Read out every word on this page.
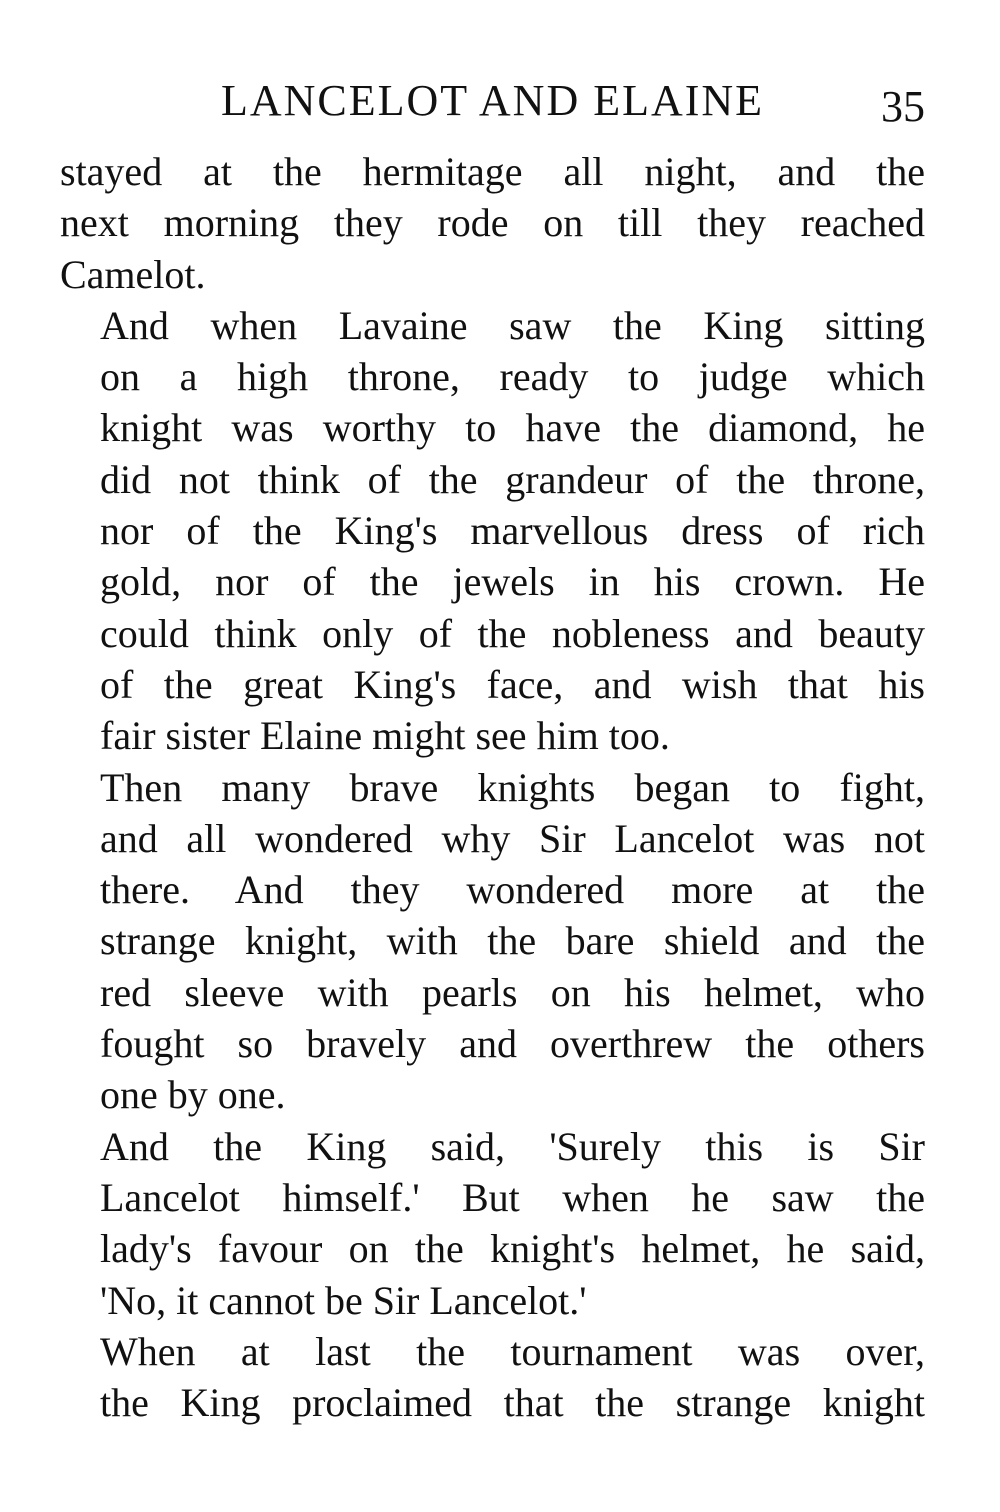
LANCELOT AND ELAINE	35

stayed at the hermitage all night, and the
next morning they rode on till they reached
Camelot.

And when Lavaine saw the King sitting
on a high throne, ready to judge which
knight was worthy to have the diamond, he
did not think of the grandeur of the throne,
nor of the King's marvellous dress of rich
gold, nor of the jewels in his crown. He
could think only of the nobleness and beauty
of the great King's face, and wish that his
fair sister Elaine might see him too.

Then many brave knights began to fight,
and all wondered why Sir Lancelot was not
there. And they wondered more at the
strange knight, with the bare shield and the
red sleeve with pearls on his helmet, who
fought so bravely and overthrew the others
one by one.

And the King said, 'Surely this is Sir
Lancelot himself.' But when he saw the
lady's favour on the knight's helmet, he said,
'No, it cannot be Sir Lancelot.'

When at last the tournament was over,
the King proclaimed that the strange knight
